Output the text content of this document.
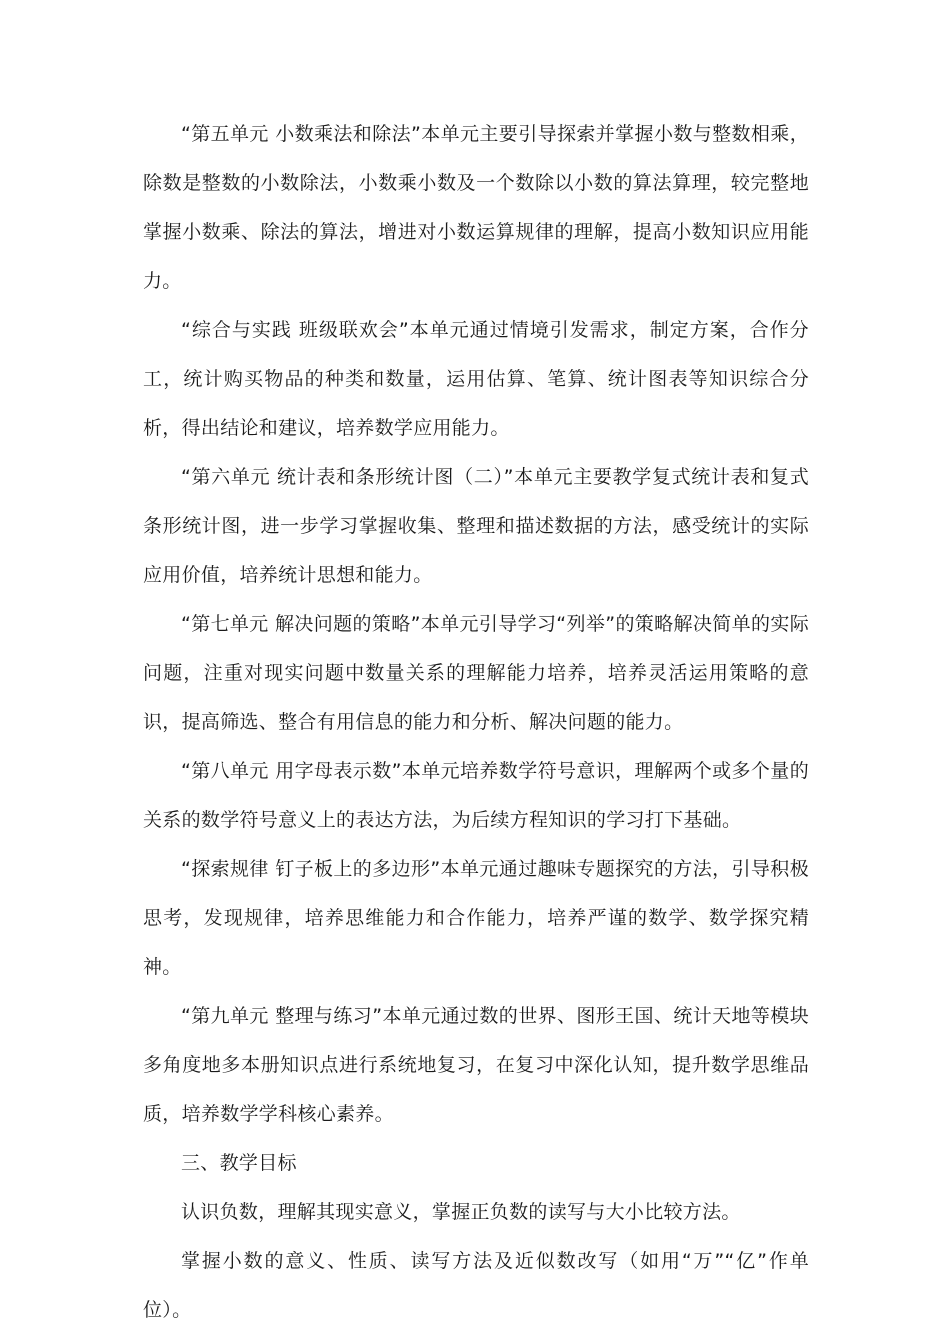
“第五单元 小数乘法和除法”本单元主要引导探索并掌握小数与整数相乘，除数是整数的小数除法，小数乘小数及一个数除以小数的算法算理，较完整地掌握小数乘、除法的算法，增进对小数运算规律的理解，提高小数知识应用能力。

“综合与实践 班级联欢会”本单元通过情境引发需求，制定方案，合作分工，统计购买物品的种类和数量，运用估算、笔算、统计图表等知识综合分析，得出结论和建议，培养数学应用能力。

“第六单元 统计表和条形统计图（二）”本单元主要教学复式统计表和复式条形统计图，进一步学习掌握收集、整理和描述数据的方法，感受统计的实际应用价值，培养统计思想和能力。

“第七单元 解决问题的策略”本单元引导学习“列举”的策略解决简单的实际问题，注重对现实问题中数量关系的理解能力培养，培养灵活运用策略的意识，提高筛选、整合有用信息的能力和分析、解决问题的能力。

“第八单元 用字母表示数”本单元培养数学符号意识，理解两个或多个量的关系的数学符号意义上的表达方法，为后续方程知识的学习打下基础。

“探索规律 钉子板上的多边形”本单元通过趣味专题探究的方法，引导积极思考，发现规律，培养思维能力和合作能力，培养严谨的数学、数学探究精神。

“第九单元 整理与练习”本单元通过数的世界、图形王国、统计天地等模块多角度地多本册知识点进行系统地复习，在复习中深化认知，提升数学思维品质，培养数学学科核心素养。

三、教学目标

认识负数，理解其现实意义，掌握正负数的读写与大小比较方法。

掌握小数的意义、性质、读写方法及近似数改写（如用“万”“亿”作单位）。
